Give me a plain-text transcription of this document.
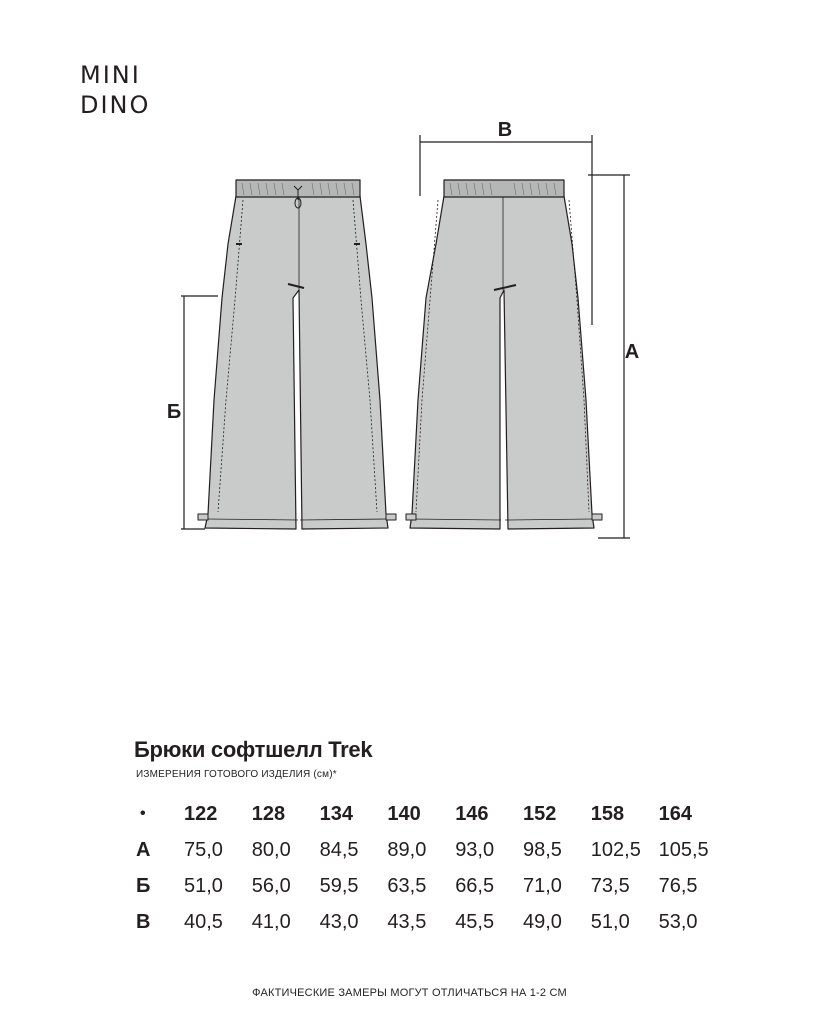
MINI
DINO
В
А
Б
Брюки софтшелл Trek
ИЗМЕРЕНИЯ ГОТОВОГО ИЗДЕЛИЯ (см)*
•	122	128	134	140	146	152	158	164
А	75,0	80,0	84,5	89,0	93,0	98,5	102,5	105,5
Б	51,0	56,0	59,5	63,5	66,5	71,0	73,5	76,5
В	40,5	41,0	43,0	43,5	45,5	49,0	51,0	53,0
ФАКТИЧЕСКИЕ ЗАМЕРЫ МОГУТ ОТЛИЧАТЬСЯ НА 1-2 СМ
